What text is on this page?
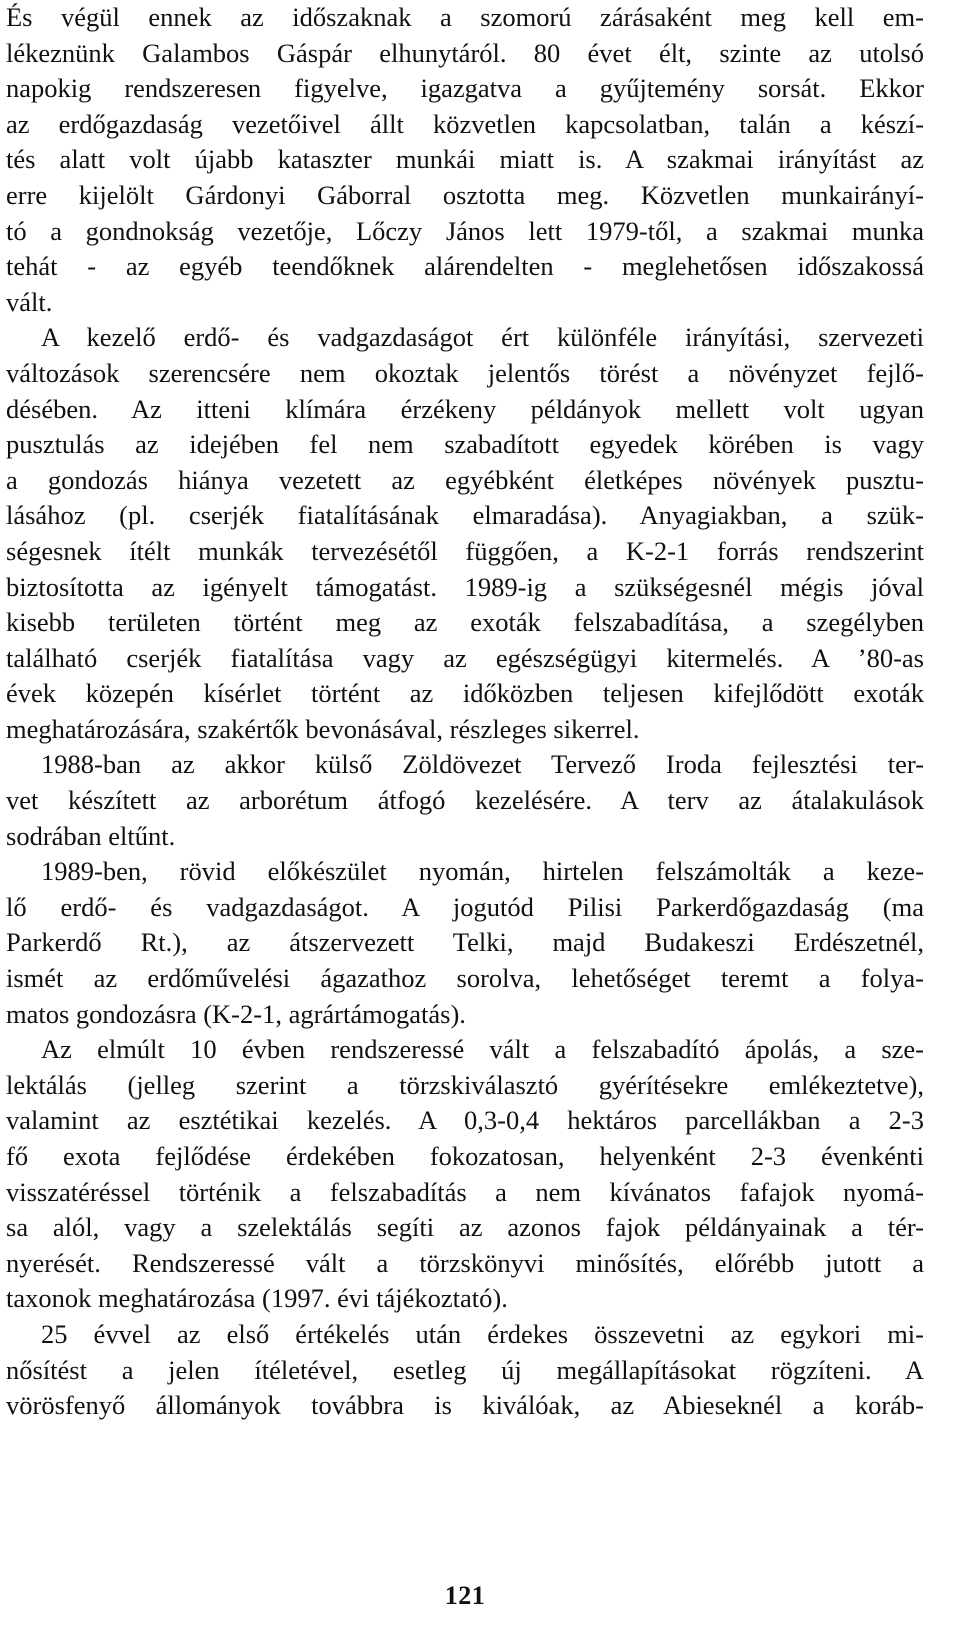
És végül ennek az időszaknak a szomorú zárásaként meg kell em-
lékeznünk Galambos Gáspár elhunytáról. 80 évet élt, szinte az utolsó
napokig rendszeresen figyelve, igazgatva a gyűjtemény sorsát. Ekkor
az erdőgazdaság vezetőivel állt közvetlen kapcsolatban, talán a készí-
tés alatt volt újabb kataszter munkái miatt is. A szakmai irányítást az
erre kijelölt Gárdonyi Gáborral osztotta meg. Közvetlen munkairányí-
tó a gondnokság vezetője, Lőczy János lett 1979-től, a szakmai munka
tehát - az egyéb teendőknek alárendelten - meglehetősen időszakossá
vált.

A kezelő erdő- és vadgazdaságot ért különféle irányítási, szervezeti
változások szerencsére nem okoztak jelentős törést a növényzet fejlő-
désében. Az itteni klímára érzékeny példányok mellett volt ugyan
pusztulás az idejében fel nem szabadított egyedek körében is vagy
a gondozás hiánya vezetett az egyébként életképes növények pusztu-
lásához (pl. cserjék fiatalításának elmaradása). Anyagiakban, a szük-
ségesnek ítélt munkák tervezésétől függően, a K-2-1 forrás rendszerint
biztosította az igényelt támogatást. 1989-ig a szükségesnél mégis jóval
kisebb területen történt meg az exoták felszabadítása, a szegélyben
található cserjék fiatalítása vagy az egészségügyi kitermelés. A ’80-as
évek közepén kísérlet történt az időközben teljesen kifejlődött exoták
meghatározására, szakértők bevonásával, részleges sikerrel.

1988-ban az akkor külső Zöldövezet Tervező Iroda fejlesztési ter-
vet készített az arborétum átfogó kezelésére. A terv az átalakulások
sodrában eltűnt.

1989-ben, rövid előkészület nyomán, hirtelen felszámolták a keze-
lő erdő- és vadgazdaságot. A jogutód Pilisi Parkerdőgazdaság (ma
Parkerdő Rt.), az átszervezett Telki, majd Budakeszi Erdészetnél,
ismét az erdőművelési ágazathoz sorolva, lehetőséget teremt a folya-
matos gondozásra (K-2-1, agrártámogatás).

Az elmúlt 10 évben rendszeressé vált a felszabadító ápolás, a sze-
lektálás (jelleg szerint a törzskiválasztó gyérítésekre emlékeztetve),
valamint az esztétikai kezelés. A 0,3-0,4 hektáros parcellákban a 2-3
fő exota fejlődése érdekében fokozatosan, helyenként 2-3 évenkénti
visszatéréssel történik a felszabadítás a nem kívánatos fafajok nyomá-
sa alól, vagy a szelektálás segíti az azonos fajok példányainak a tér-
nyerését. Rendszeressé vált a törzskönyvi minősítés, előrébb jutott a
taxonok meghatározása (1997. évi tájékoztató).

25 évvel az első értékelés után érdekes összevetni az egykori mi-
nősítést a jelen ítéletével, esetleg új megállapításokat rögzíteni. A
vörösfenyő állományok továbbra is kiválóak, az Abieseknél a koráb-

121
